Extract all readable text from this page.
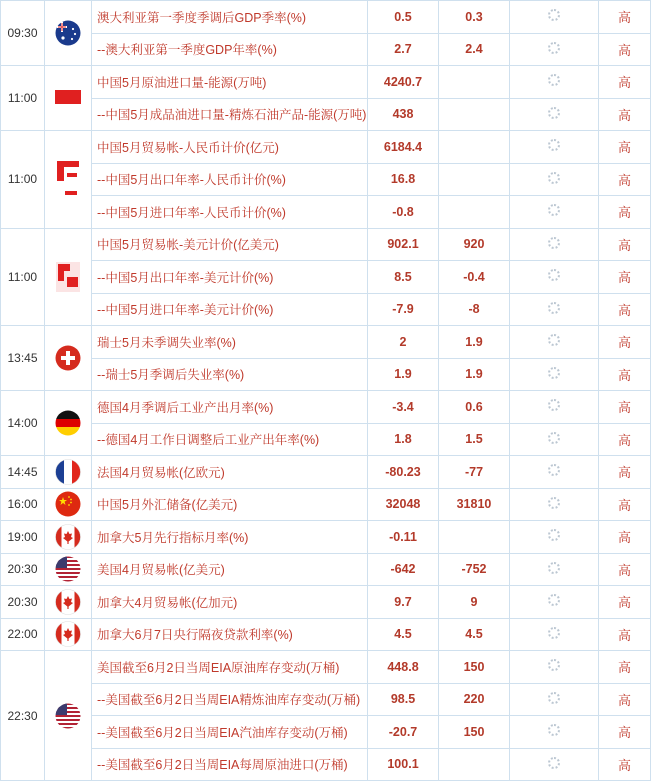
09:30		澳大利亚第一季度季调后GDP季率(%)	0.5	0.3		高
		--澳大利亚第一季度GDP年率(%)	2.7	2.4		高
11:00		中国5月原油进口量-能源(万吨)	4240.7			高
		--中国5月成品油进口量-精炼石油产品-能源(万吨)	438			高
11:00		中国5月贸易帐-人民币计价(亿元)	6184.4			高
		--中国5月出口年率-人民币计价(%)	16.8			高
		--中国5月进口年率-人民币计价(%)	-0.8			高
11:00		中国5月贸易帐-美元计价(亿美元)	902.1	920		高
		--中国5月出口年率-美元计价(%)	8.5	-0.4		高
		--中国5月进口年率-美元计价(%)	-7.9	-8		高
13:45		瑞士5月未季调失业率(%)	2	1.9		高
		--瑞士5月季调后失业率(%)	1.9	1.9		高
14:00		德国4月季调后工业产出月率(%)	-3.4	0.6		高
		--德国4月工作日调整后工业产出年率(%)	1.8	1.5		高
14:45		法国4月贸易帐(亿欧元)	-80.23	-77		高
16:00		中国5月外汇储备(亿美元)	32048	31810		高
19:00		加拿大5月先行指标月率(%)	-0.11			高
20:30		美国4月贸易帐(亿美元)	-642	-752		高
20:30		加拿大4月贸易帐(亿加元)	9.7	9		高
22:00		加拿大6月7日央行隔夜贷款利率(%)	4.5	4.5		高
22:30		美国截至6月2日当周EIA原油库存变动(万桶)	448.8	150		高
		--美国截至6月2日当周EIA精炼油库存变动(万桶)	98.5	220		高
		--美国截至6月2日当周EIA汽油库存变动(万桶)	-20.7	150		高
		--美国截至6月2日当周EIA每周原油进口(万桶)	100.1			高
